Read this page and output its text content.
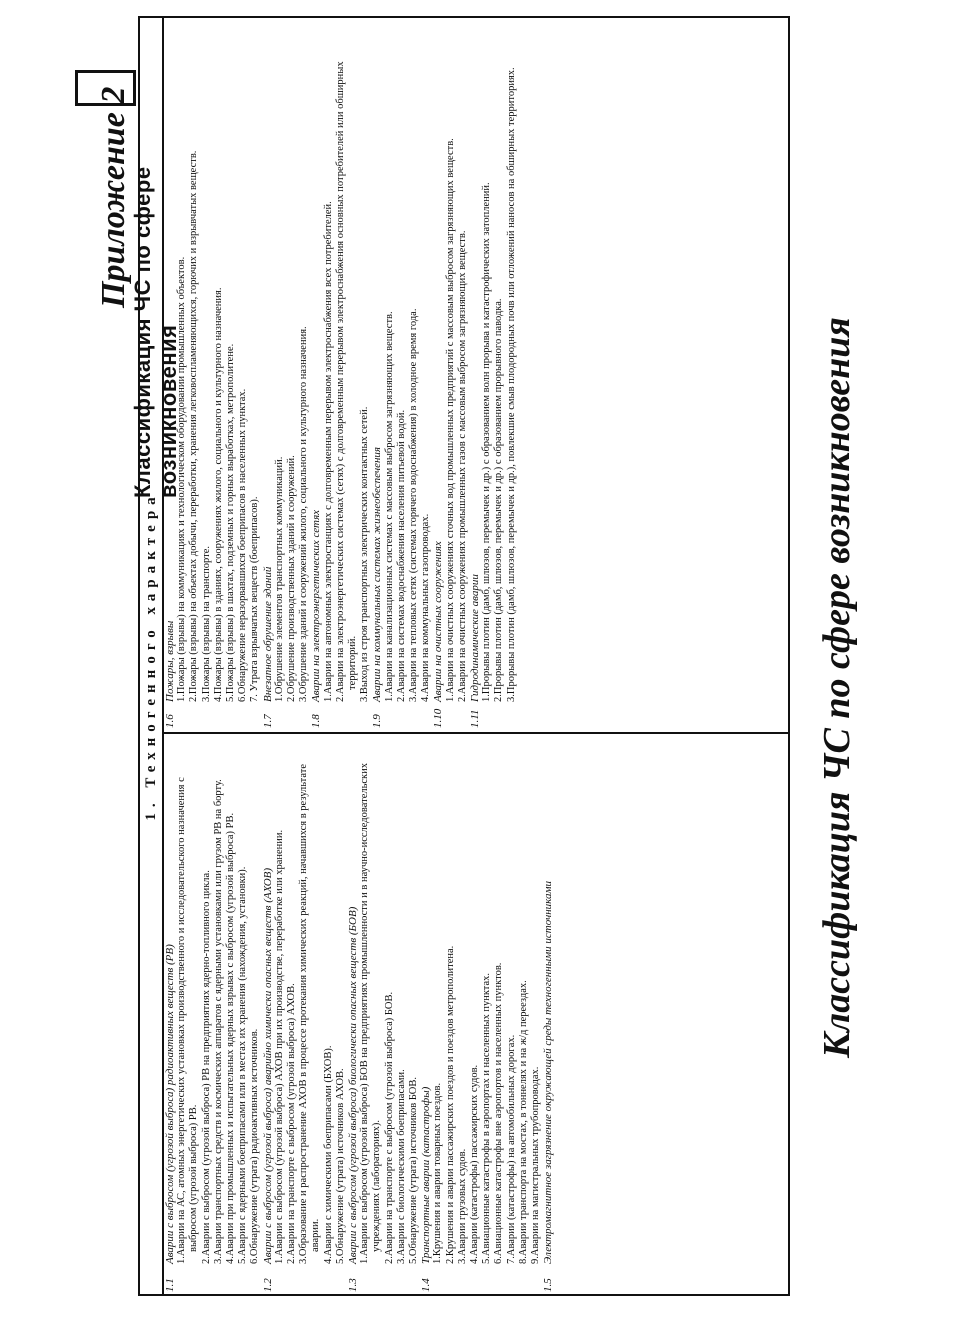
Классификация ЧС по сфере возникновения
Приложение 2
1. Техногенного характера
1.1
Аварии с выбросом (угрозой выброса) радиоактивных веществ (РВ) 1.Аварии на АС, атомных энергетических установках производственного и исследовательского назначения с выбросом (угрозой выброса) РВ. 2.Аварии с выбросом (угрозой выброса) РВ на предприятиях ядерно-топливного цикла. 3.Аварии транспортных средств и космических аппаратов с ядерными установками или грузом РВ на борту. 4.Аварии при промышленных и испытательных ядерных взрывах с выбросом (угрозой выброса) РВ. 5.Аварии с ядерными боеприпасами или в местах их хранения (нахождения, установки). 6.Обнаружение (утрата) радиоактивных источников.
1.2
Аварии с выбросом (угрозой выброса) аварийно химически опасных веществ (АХОВ) 1.Аварии с выбросом (угрозой выброса) АХОВ при их производстве, переработке или хранении. 2.Аварии на транспорте с выбросом (угрозой выброса) АХОВ. 3.Образование и распространение АХОВ в процессе протекания химических реакций, начавшихся в результате аварии. 4.Аварии с химическими боеприпасами (БХОВ). 5.Обнаружение (утрата) источников АХОВ.
1.3
Аварии с выбросом (угрозой выброса) биологически опасных веществ (БОВ) 1.Аварии с выбросом (угрозой выброса) БОВ на предприятиях промышленности и в научно-исследовательских учреждениях (лабораториях). 2.Аварии на транспорте с выбросом (угрозой выброса) БОВ. 3.Аварии с биологическими боеприпасами. 5.Обнаружение (утрата) источников БОВ.
1.4
Транспортные аварии (катастрофы) 1.Крушения и аварии товарных поездов. 2.Крушения и аварии пассажирских поездов и поездов метрополитена. 3.Аварии грузовых судов. 4.Аварии (катастрофы) пассажирских судов. 5.Авиационные катастрофы в аэропортах и населенных пунктах. 6.Авиационные катастрофы вне аэропортов и населенных пунктов. 7.Аварии (катастрофы) на автомобильных дорогах. 8.Аварии транспорта на мостах, в тоннелях и на ж/д переездах. 9.Аварии на магистральных трубопроводах.
1.5
Электромагнитное загрязнение окружающей среды техногенными источниками
1.6
Пожары, взрывы 1.Пожары (взрывы) на коммуникациях и технологическом оборудовании промышленных объектов. 2.Пожары (взрывы) на объектах добычи, переработки, хранения легковоспламеняющихся, горючих и взрывчатых веществ. 3.Пожары (взрывы) на транспорте. 4.Пожары (взрывы) в зданиях, сооружениях жилого, социального и культурного назначения. 5.Пожары (взрывы) в шахтах, подземных и горных выработках, метрополитене. 6.Обнаружение неразорвавшихся боеприпасов в населенных пунктах. 7. Утрата взрывчатых веществ (боеприпасов).
1.7
Внезапное обрушение зданий 1.Обрушение элементов транспортных коммуникаций. 2.Обрушение производственных зданий и сооружений. 3.Обрушение зданий и сооружений жилого, социального и культурного назначения.
1.8
Аварии на электроэнергетических сетях 1.Аварии на автономных электростанциях с долговременным перерывом электроснабжения всех потребителей. 2.Аварии на электроэнергетических системах (сетях) с долговременным перерывом электроснабжения основных потребителей или обширных территорий. 3.Выход из строя транспортных электрических контактных сетей.
1.9
Аварии на коммунальных системах жизнеобеспечения 1.Аварии на канализационных системах с массовым выбросом загрязняющих веществ. 2.Аварии на системах водоснабжения населения питьевой водой. 3.Аварии на тепловых сетях (системах горячего водоснабжения) в холодное время года. 4.Аварии на коммунальных газопроводах.
1.10
Аварии на очистных сооружениях 1.Аварии на очистных сооружениях сточных вод промышленных предприятий с массовым выбросом загрязняющих веществ. 2.Аварии на очистных сооружениях промышленных газов с массовым выбросом загрязняющих веществ.
1.11
Гидродинамические аварии 1.Прорывы плотин (дамб, шлюзов, перемычек и др.) с образованием волн прорыва и катастрофических затоплений. 2.Прорывы плотин (дамб, шлюзов, перемычек и др.) с образованием прорывного паводка. 3.Прорывы плотин (дамб, шлюзов, перемычек и др.), повлекшие смыв плодородных почв или отложений наносов на обширных территориях.	Классификация ЧС по сфере возникновения
